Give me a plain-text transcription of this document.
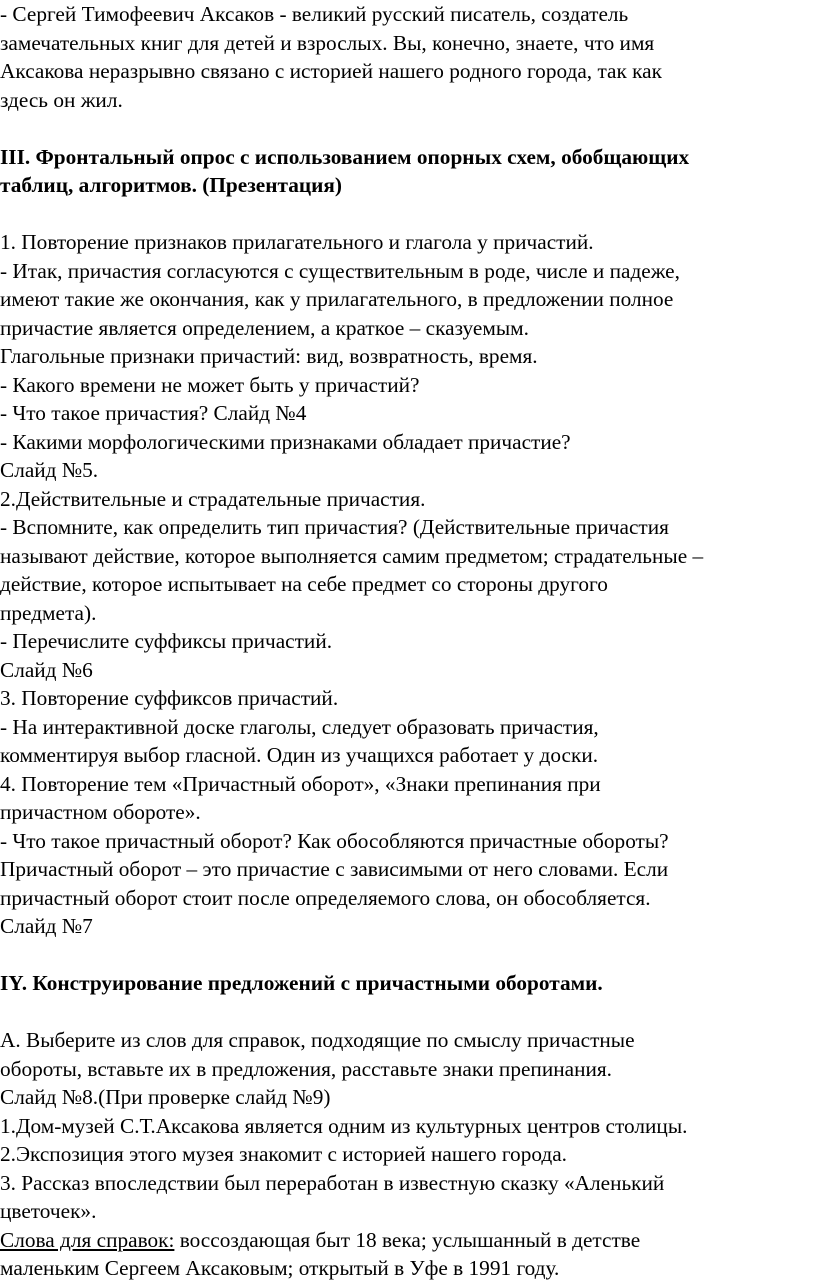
- Сергей Тимофеевич Аксаков - великий русский писатель, создатель
замечательных книг для детей и взрослых. Вы, конечно, знаете, что имя
Аксакова неразрывно связано с историей нашего родного города, так как
здесь он жил.
III. Фронтальный опрос с использованием опорных схем, обобщающих
таблиц, алгоритмов. (Презентация)
1. Повторение признаков прилагательного и глагола у причастий.
- Итак, причастия согласуются с существительным в роде, числе и падеже,
имеют такие же окончания, как у прилагательного, в предложении полное
причастие является определением, а краткое – сказуемым.
Глагольные признаки причастий: вид, возвратность, время.
- Какого времени не может быть у причастий?
- Что такое причастия? Слайд №4
- Какими морфологическими признаками обладает причастие?
Слайд №5.
2.Действительные и страдательные причастия.
- Вспомните, как определить тип причастия? (Действительные причастия
называют действие, которое выполняется самим предметом; страдательные –
действие, которое испытывает на себе предмет со стороны другого
предмета).
- Перечислите суффиксы причастий.
Слайд №6
3. Повторение суффиксов причастий.
- На интерактивной доске глаголы, следует образовать причастия,
комментируя выбор гласной. Один из учащихся работает у доски.
4. Повторение тем «Причастный оборот», «Знаки препинания при
причастном обороте».
- Что такое причастный оборот? Как обособляются причастные обороты?
Причастный оборот – это причастие с зависимыми от него словами. Если
причастный оборот стоит после определяемого слова, он обособляется.
Слайд №7
IY. Конструирование предложений с причастными оборотами.
А. Выберите из слов для справок, подходящие по смыслу причастные
обороты, вставьте их в предложения, расставьте знаки препинания.
Слайд №8.(При проверке слайд №9)
1.Дом-музей С.Т.Аксакова является одним из культурных центров столицы.
2.Экспозиция этого музея знакомит с историей нашего города.
3. Рассказ впоследствии был переработан в известную сказку «Аленький
цветочек».
Слова для справок: воссоздающая быт 18 века; услышанный в детстве
маленьким Сергеем Аксаковым; открытый в Уфе в 1991 году.
